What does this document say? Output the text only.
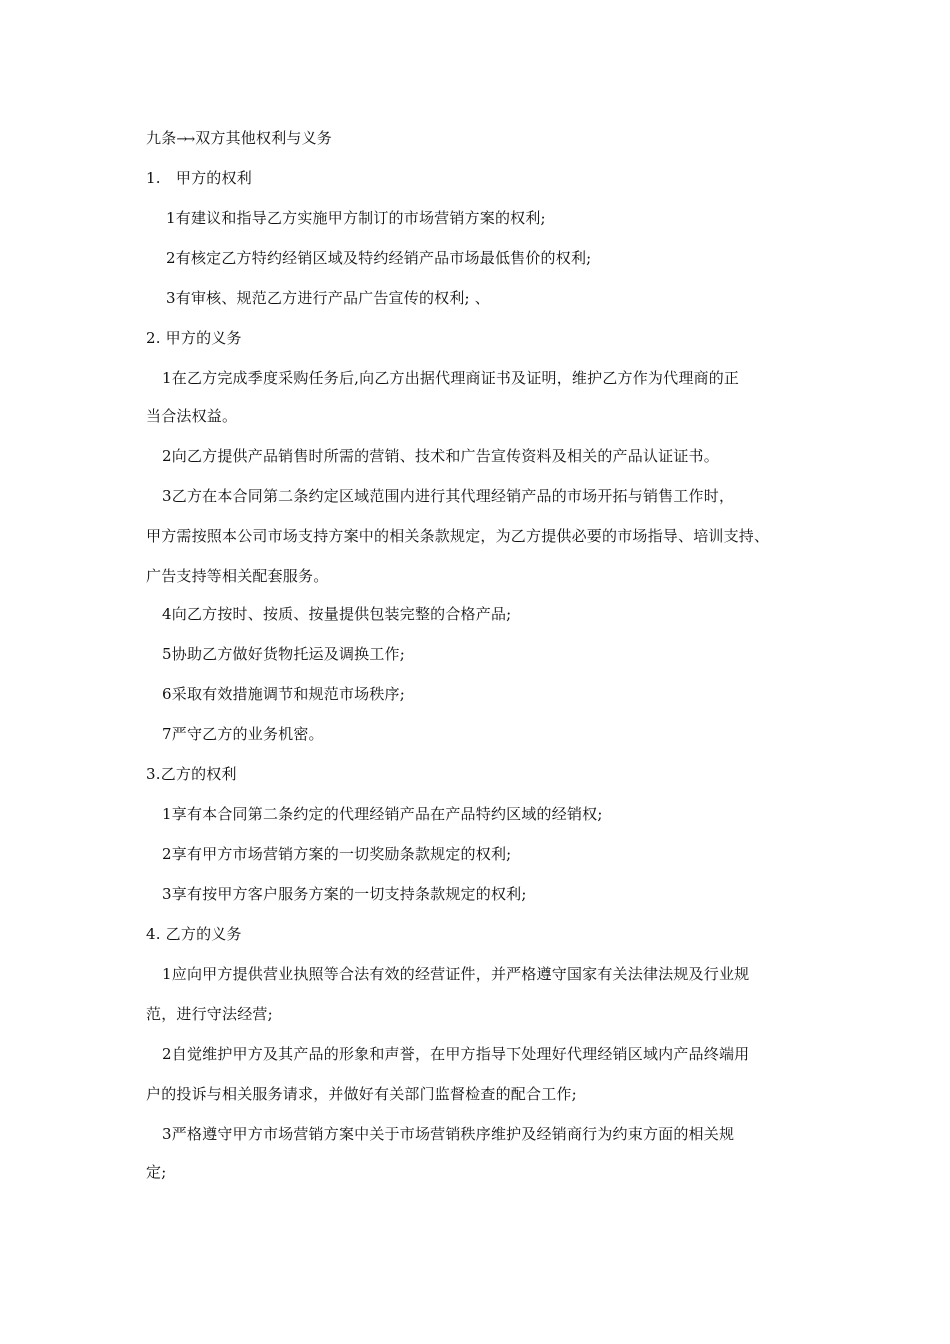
九条→→ 双方其他权利与义务
1.　甲方的权利
1有建议和指导乙方实施甲方制订的市场营销方案的权利;
2有核定乙方特约经销区域及特约经销产品市场最低售价的权利;
3有审核、规范乙方进行产品广告宣传的权利; 、
2. 甲方的义务
1在乙方完成季度采购任务后,向乙方出据代理商证书及证明，维护乙方作为代理商的正
当合法权益。
2向乙方提供产品销售时所需的营销、技术和广告宣传资料及相关的产品认证证书。
3乙方在本合同第二条约定区域范围内进行其代理经销产品的市场开拓与销售工作时，
甲方需按照本公司市场支持方案中的相关条款规定，为乙方提供必要的市场指导、培训支持、
广告支持等相关配套服务。
4向乙方按时、按质、按量提供包装完整的合格产品;
5协助乙方做好货物托运及调换工作;
6采取有效措施调节和规范市场秩序;
7严守乙方的业务机密。
3.乙方的权利
1享有本合同第二条约定的代理经销产品在产品特约区域的经销权;
2享有甲方市场营销方案的一切奖励条款规定的权利;
3享有按甲方客户服务方案的一切支持条款规定的权利;
4. 乙方的义务
1应向甲方提供营业执照等合法有效的经营证件，并严格遵守国家有关法律法规及行业规
范，进行守法经营;
2自觉维护甲方及其产品的形象和声誉，在甲方指导下处理好代理经销区域内产品终端用
户的投诉与相关服务请求，并做好有关部门监督检查的配合工作;
3严格遵守甲方市场营销方案中关于市场营销秩序维护及经销商行为约束方面的相关规
定;
